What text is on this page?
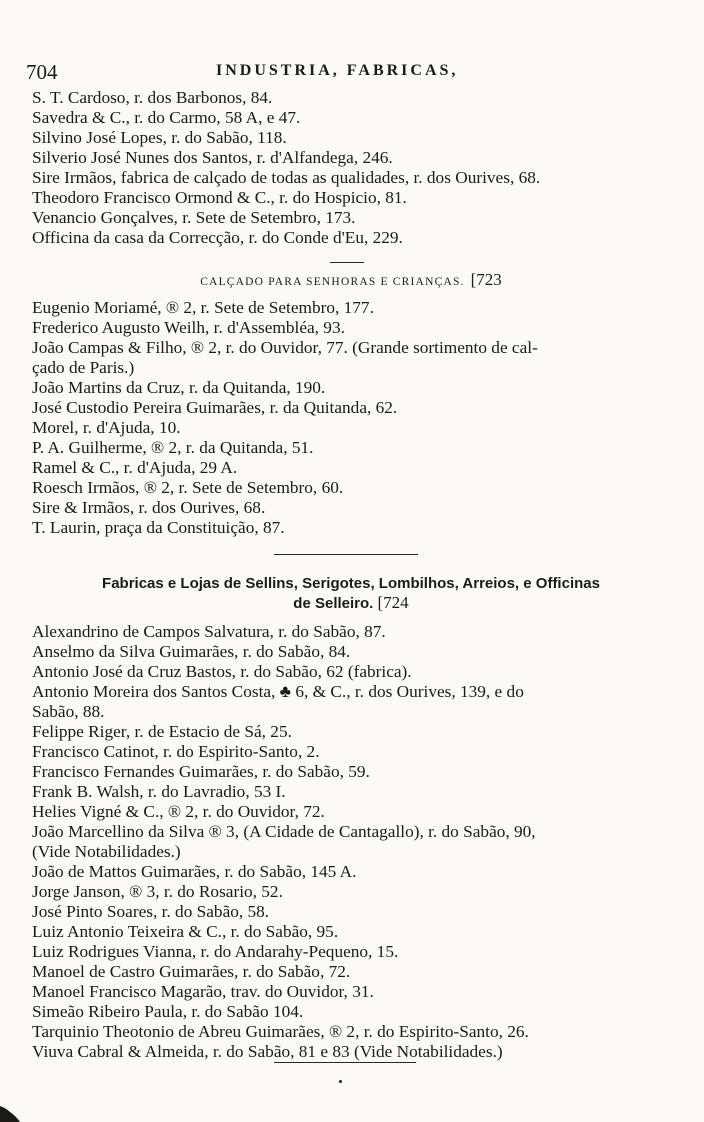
704	INDUSTRIA, FABRICAS,
S. T. Cardoso, r. dos Barbonos, 84.
Savedra & C., r. do Carmo, 58 A, e 47.
Silvino José Lopes, r. do Sabão, 118.
Silverio José Nunes dos Santos, r. d'Alfandega, 246.
Sire Irmãos, fabrica de calçado de todas as qualidades, r. dos Ourives, 68.
Theodoro Francisco Ormond & C., r. do Hospicio, 81.
Venancio Gonçalves, r. Sete de Setembro, 173.
Officina da casa da Correcção, r. do Conde d'Eu, 229.
CALÇADO PARA SENHORAS E CRIANÇAS. [723
Eugenio Moriamé, ® 2, r. Sete de Setembro, 177.
Frederico Augusto Weilh, r. d'Assembléa, 93.
João Campas & Filho, ® 2, r. do Ouvidor, 77. (Grande sortimento de cal-
çado de Paris.)
João Martins da Cruz, r. da Quitanda, 190.
José Custodio Pereira Guimarães, r. da Quitanda, 62.
Morel, r. d'Ajuda, 10.
P. A. Guilherme, ® 2, r. da Quitanda, 51.
Ramel & C., r. d'Ajuda, 29 A.
Roesch Irmãos, ® 2, r. Sete de Setembro, 60.
Sire & Irmãos, r. dos Ourives, 68.
T. Laurin, praça da Constituição, 87.
Fabricas e Lojas de Sellins, Serigotes, Lombilhos, Arreios, e Officinas
de Selleiro. [724
Alexandrino de Campos Salvatura, r. do Sabão, 87.
Anselmo da Silva Guimarães, r. do Sabão, 84.
Antonio José da Cruz Bastos, r. do Sabão, 62 (fabrica).
Antonio Moreira dos Santos Costa, ♣ 6, & C., r. dos Ourives, 139, e do
Sabão, 88.
Felippe Riger, r. de Estacio de Sá, 25.
Francisco Catinot, r. do Espirito-Santo, 2.
Francisco Fernandes Guimarães, r. do Sabão, 59.
Frank B. Walsh, r. do Lavradio, 53 I.
Helies Vigné & C., ® 2, r. do Ouvidor, 72.
João Marcellino da Silva ® 3, (A Cidade de Cantagallo), r. do Sabão, 90,
(Vide Notabilidades.)
João de Mattos Guimarães, r. do Sabão, 145 A.
Jorge Janson, ® 3, r. do Rosario, 52.
José Pinto Soares, r. do Sabão, 58.
Luiz Antonio Teixeira & C., r. do Sabão, 95.
Luiz Rodrigues Vianna, r. do Andarahy-Pequeno, 15.
Manoel de Castro Guimarães, r. do Sabão, 72.
Manoel Francisco Magarão, trav. do Ouvidor, 31.
Simeão Ribeiro Paula, r. do Sabão 104.
Tarquinio Theotonio de Abreu Guimarães, ® 2, r. do Espirito-Santo, 26.
Viuva Cabral & Almeida, r. do Sabão, 81 e 83 (Vide Notabilidades.)
